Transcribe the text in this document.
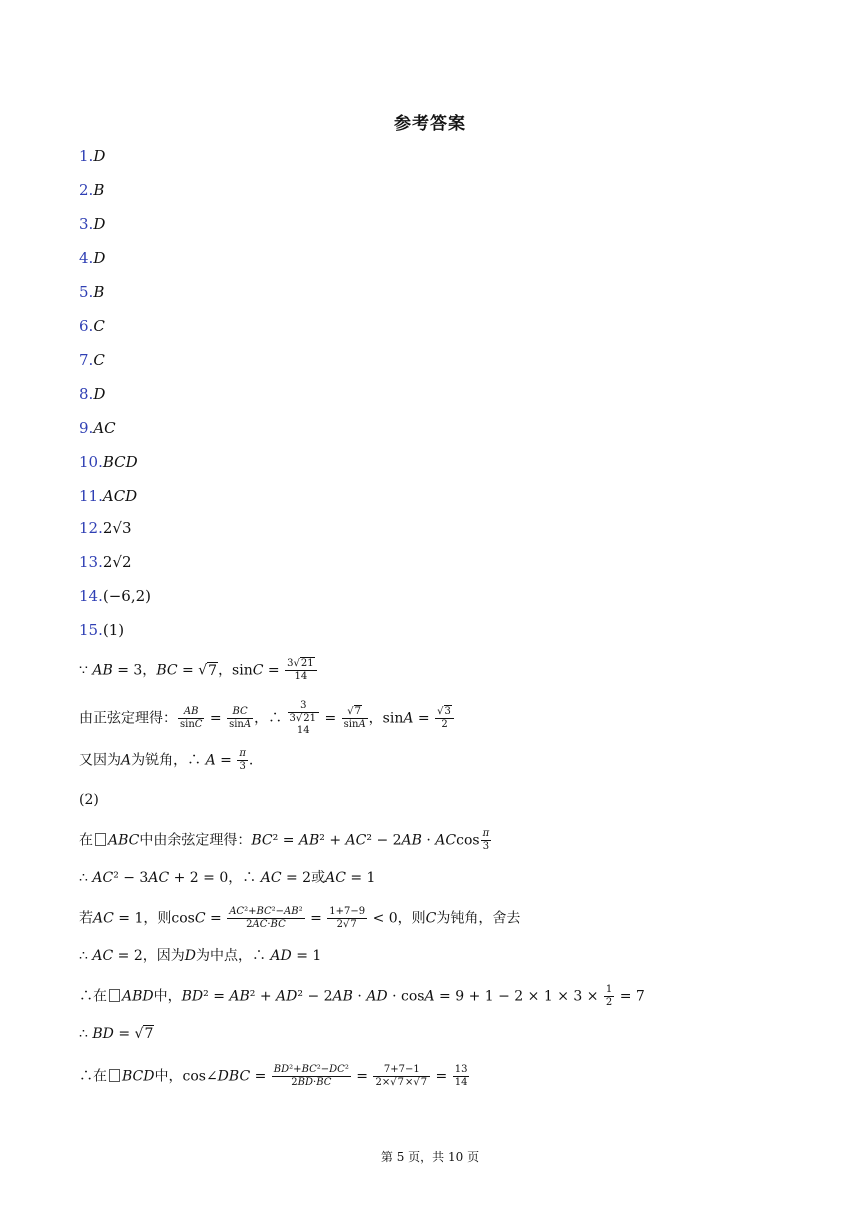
参考答案
1.D
2.B
3.D
4.D
5.B
6.C
7.C
8.D
9.AC
10.BCD
11.ACD
12.2√3
13.2√2
14.(−6,2)
15.(1)
∵ AB = 3，BC = √7，$\sin C = \frac{3√21}{14}$
由正弦定理得： $\frac{AB}{\sin C} = \frac{BC}{\sin A}$ ，∴
3
3√21
14
= $\frac{√7}{\sin A}$ ，$\sin A = \frac{√3}{2}$
又因为A为锐角，∴ $A = \frac{\pi}{3}$ .
(2)
在 ABC中由余弦定理得：BC² = AB² + AC² − 2AB · ACcos $\frac{\pi}{3}$
∴ AC² − 3AC + 2 = 0，∴ AC = 2或AC = 1
若AC = 1，则$\cos C = \frac{\text{AC²+BC²−AB²}}{2AC\cdot BC} = \frac{1+7-9}{2√7} < 0$，则C为钝角，舍去
∴ AC = 2，因为D为中点，∴ AD = 1
∴在 ABD中，BD² = AB² + AD² − 2AB · AD · $\cos A = 9 + 1 - 2 \times 1 \times 3 \times \frac{1}{2} = 7$
∴ BD = √7
∴在 BCD中，cos∠DBC = $\frac{\text{BD²+BC²−DC²}}{2BD\cdot BC} = \frac{7+7-1}{2\times√7\times√7} = \frac{13}{14}$
第 5 页，共 10 页
